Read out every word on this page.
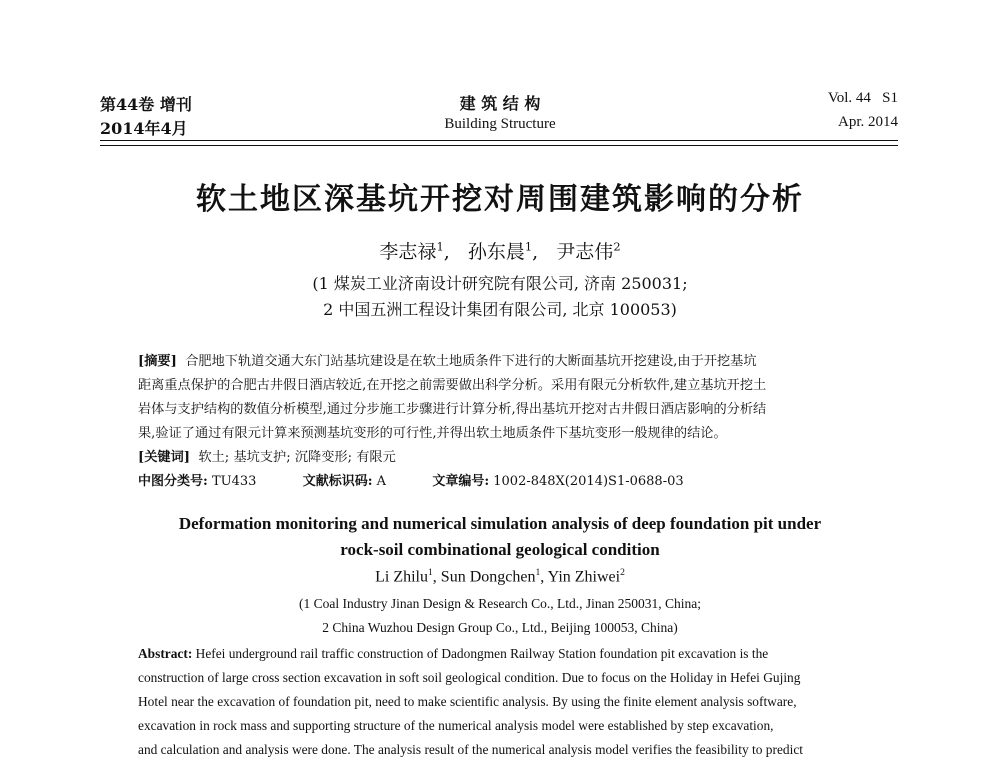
第44卷 增刊
2014年4月
建 筑 结 构
Building Structure
Vol. 44   S1
Apr. 2014
软土地区深基坑开挖对周围建筑影响的分析
李志禄$^1$,   孙东晨$^1$,   尹志伟$^2$
(1 煤炭工业济南设计研究院有限公司, 济南 250031;
2 中国五洲工程设计集团有限公司, 北京 100053)
[摘要] 合肥地下轨道交通大东门站基坑建设是在软土地质条件下进行的大断面基坑开挖建设,由于开挖基坑
距离重点保护的合肥古井假日酒店较近,在开挖之前需要做出科学分析。采用有限元分析软件,建立基坑开挖土
岩体与支护结构的数值分析模型,通过分步施工步骤进行计算分析,得出基坑开挖对古井假日酒店影响的分析结
果,验证了通过有限元计算来预测基坑变形的可行性,并得出软土地质条件下基坑变形一般规律的结论。
[关键词] 软土; 基坑支护; 沉降变形; 有限元
中图分类号: TU433	文献标识码: A	文章编号: 1002-848X(2014)S1-0688-03
Deformation monitoring and numerical simulation analysis of deep foundation pit under
rock-soil combinational geological condition
Li Zhilu$^1$, Sun Dongchen$^1$, Yin Zhiwei$^2$
(1 Coal Industry Jinan Design & Research Co., Ltd., Jinan 250031, China;
2 China Wuzhou Design Group Co., Ltd., Beijing 100053, China)
Abstract: Hefei underground rail traffic construction of Dadongmen Railway Station foundation pit excavation is the
construction of large cross section excavation in soft soil geological condition. Due to focus on the Holiday in Hefei Gujing
Hotel near the excavation of foundation pit, need to make scientific analysis. By using the finite element analysis software,
excavation in rock mass and supporting structure of the numerical analysis model were established by step excavation,
and calculation and analysis were done. The analysis result of the numerical analysis model verifies the feasibility to predict
